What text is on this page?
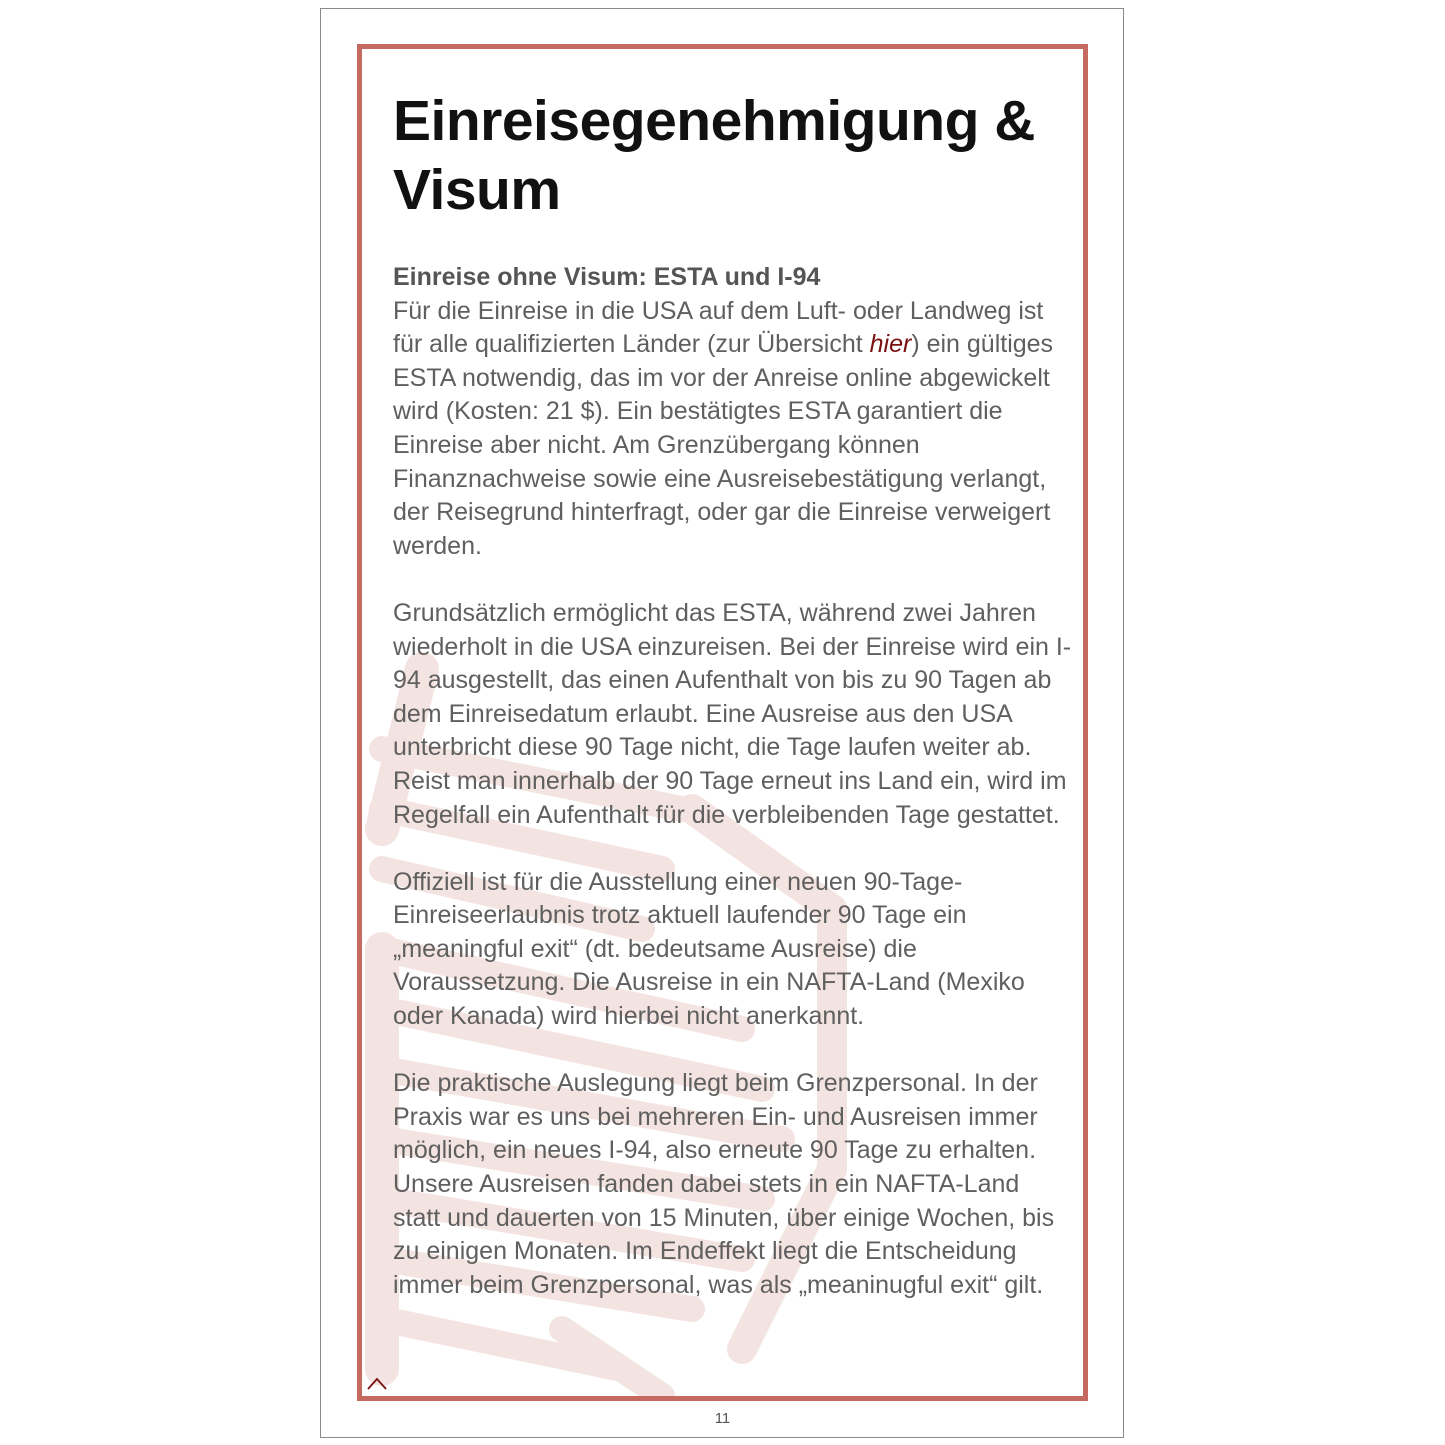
Einreisegenehmigung & Visum

Einreise ohne Visum: ESTA und I-94
Für die Einreise in die USA auf dem Luft- oder Landweg ist für alle qualifizierten Länder (zur Übersicht hier) ein gültiges ESTA notwendig, das im vor der Anreise online abgewickelt wird (Kosten: 21 $). Ein bestätigtes ESTA garantiert die Einreise aber nicht. Am Grenzübergang können Finanznachweise sowie eine Ausreisebestätigung verlangt, der Reisegrund hinterfragt, oder gar die Einreise verweigert werden.

Grundsätzlich ermöglicht das ESTA, während zwei Jahren wiederholt in die USA einzureisen. Bei der Einreise wird ein I-94 ausgestellt, das einen Aufenthalt von bis zu 90 Tagen ab dem Einreisedatum erlaubt. Eine Ausreise aus den USA unterbricht diese 90 Tage nicht, die Tage laufen weiter ab. Reist man innerhalb der 90 Tage erneut ins Land ein, wird im Regelfall ein Aufenthalt für die verbleibenden Tage gestattet.

Offiziell ist für die Ausstellung einer neuen 90-Tage-Einreiseerlaubnis trotz aktuell laufender 90 Tage ein „meaningful exit“ (dt. bedeutsame Ausreise) die Voraussetzung. Die Ausreise in ein NAFTA-Land (Mexiko oder Kanada) wird hierbei nicht anerkannt.

Die praktische Auslegung liegt beim Grenzpersonal. In der Praxis war es uns bei mehreren Ein- und Ausreisen immer möglich, ein neues I-94, also erneute 90 Tage zu erhalten. Unsere Ausreisen fanden dabei stets in ein NAFTA-Land statt und dauerten von 15 Minuten, über einige Wochen, bis zu einigen Monaten. Im Endeffekt liegt die Entscheidung immer beim Grenzpersonal, was als „meaninugful exit“ gilt.

11
